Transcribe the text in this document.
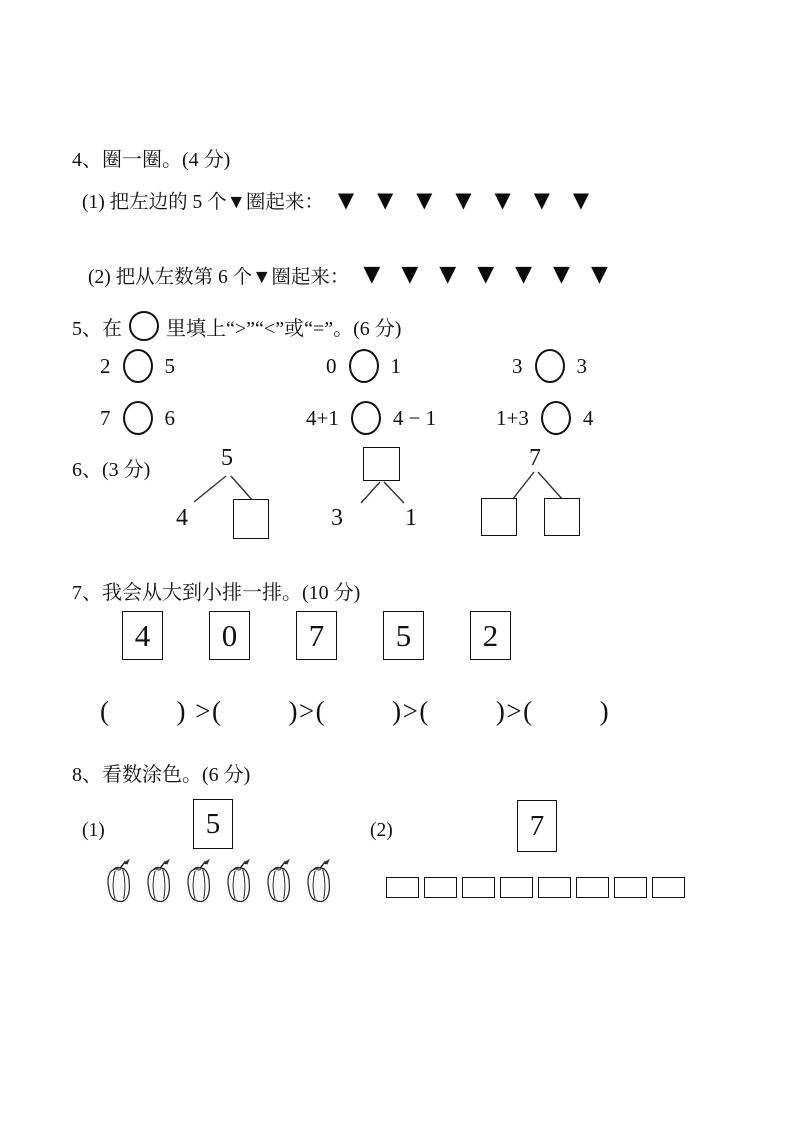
4、圈一圈。(4 分)
(1) 把左边的 5 个▼圈起来： ▼ ▼ ▼ ▼ ▼ ▼ ▼
(2) 把从左数第 6 个▼圈起来： ▼ ▼ ▼ ▼ ▼ ▼ ▼
5、在 里填上“>”“<”或“=”。(6 分)
2	5	0	1	3	3
7	6	4+1	4 − 1	1+3	4
6、(3 分)	5
4	3	1
7
7、我会从大到小排一排。(10 分)
4 0 7 5 2
(        ) >(        )>(        )>(        )>(        )
8、看数涂色。(6 分)
(1)	5	(2)	7
